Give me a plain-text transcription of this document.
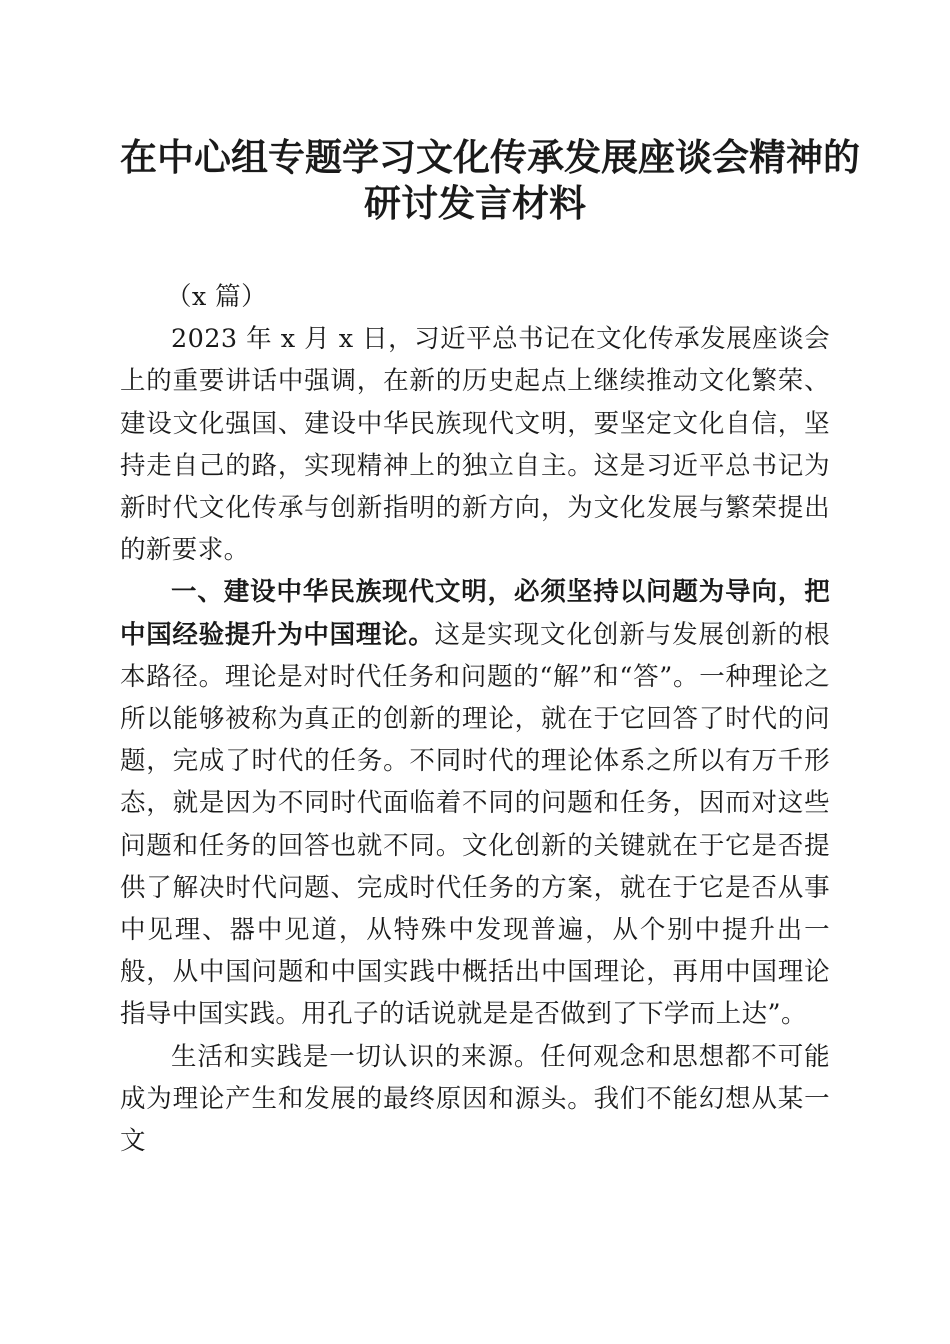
在中心组专题学习文化传承发展座谈会精神的
研讨发言材料
（x 篇）

2023 年 x 月 x 日，习近平总书记在文化传承发展座谈会上的重要讲话中强调，在新的历史起点上继续推动文化繁荣、建设文化强国、建设中华民族现代文明，要坚定文化自信，坚持走自己的路，实现精神上的独立自主。这是习近平总书记为新时代文化传承与创新指明的新方向，为文化发展与繁荣提出的新要求。

一、建设中华民族现代文明，必须坚持以问题为导向，把中国经验提升为中国理论。这是实现文化创新与发展创新的根本路径。理论是对时代任务和问题的“解”和“答”。一种理论之所以能够被称为真正的创新的理论，就在于它回答了时代的问题，完成了时代的任务。不同时代的理论体系之所以有万千形态，就是因为不同时代面临着不同的问题和任务，因而对这些问题和任务的回答也就不同。文化创新的关键就在于它是否提供了解决时代问题、完成时代任务的方案，就在于它是否从事中见理、器中见道，从特殊中发现普遍，从个别中提升出一般，从中国问题和中国实践中概括出中国理论，再用中国理论指导中国实践。用孔子的话说就是是否做到了下学而上达”。

生活和实践是一切认识的来源。任何观念和思想都不可能成为理论产生和发展的最终原因和源头。我们不能幻想从某一文
